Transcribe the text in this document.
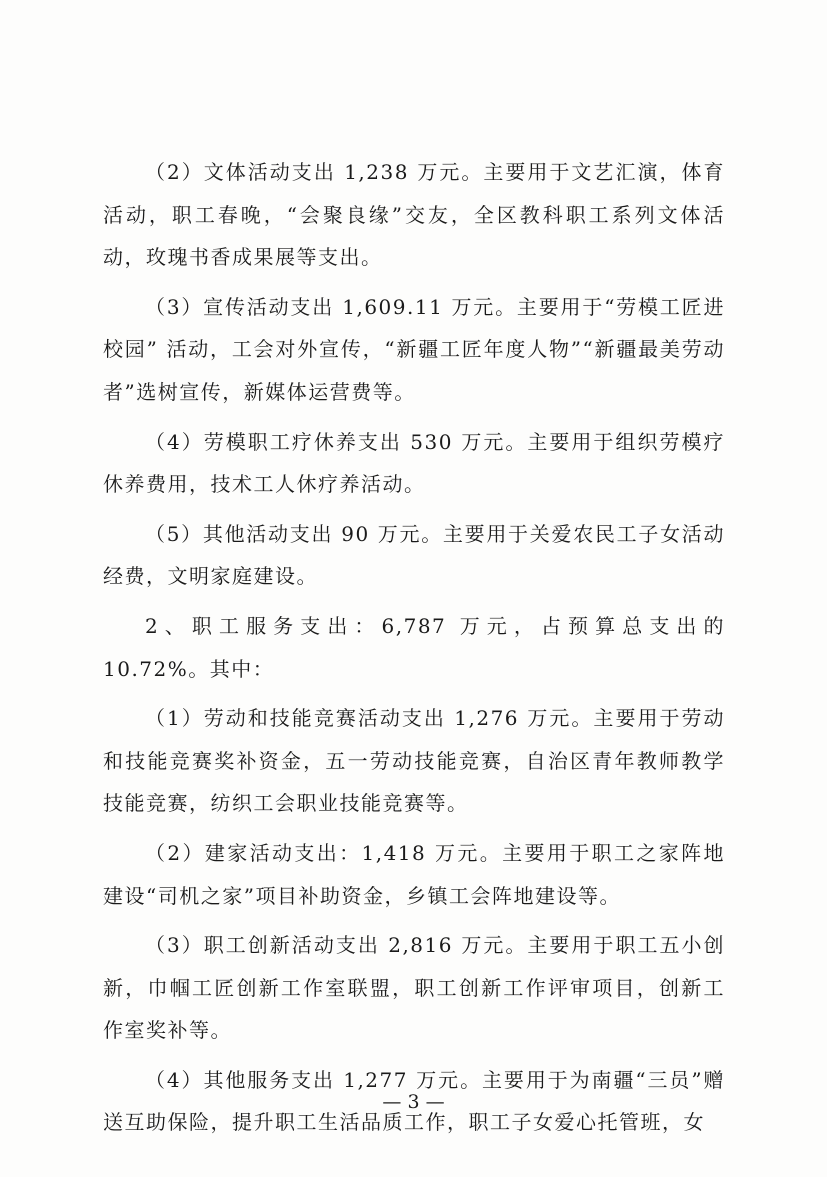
（2）文体活动支出 1,238 万元。主要用于文艺汇演，体育活动，职工春晚，“会聚良缘”交友，全区教科职工系列文体活动，玫瑰书香成果展等支出。

（3）宣传活动支出 1,609.11 万元。主要用于“劳模工匠进校园” 活动，工会对外宣传，“新疆工匠年度人物”“新疆最美劳动者”选树宣传，新媒体运营费等。

（4）劳模职工疗休养支出 530 万元。主要用于组织劳模疗休养费用，技术工人休疗养活动。

（5）其他活动支出 90 万元。主要用于关爱农民工子女活动经费，文明家庭建设。

2、职工服务支出：6,787 万元，占预算总支出的 10.72%。其中：

（1）劳动和技能竞赛活动支出 1,276 万元。主要用于劳动和技能竞赛奖补资金，五一劳动技能竞赛，自治区青年教师教学技能竞赛，纺织工会职业技能竞赛等。

（2）建家活动支出：1,418 万元。主要用于职工之家阵地建设“司机之家”项目补助资金，乡镇工会阵地建设等。

（3）职工创新活动支出 2,816 万元。主要用于职工五小创新，巾帼工匠创新工作室联盟，职工创新工作评审项目，创新工作室奖补等。

（4）其他服务支出 1,277 万元。主要用于为南疆“三员”赠送互助保险，提升职工生活品质工作，职工子女爱心托管班，女

— 3 —
